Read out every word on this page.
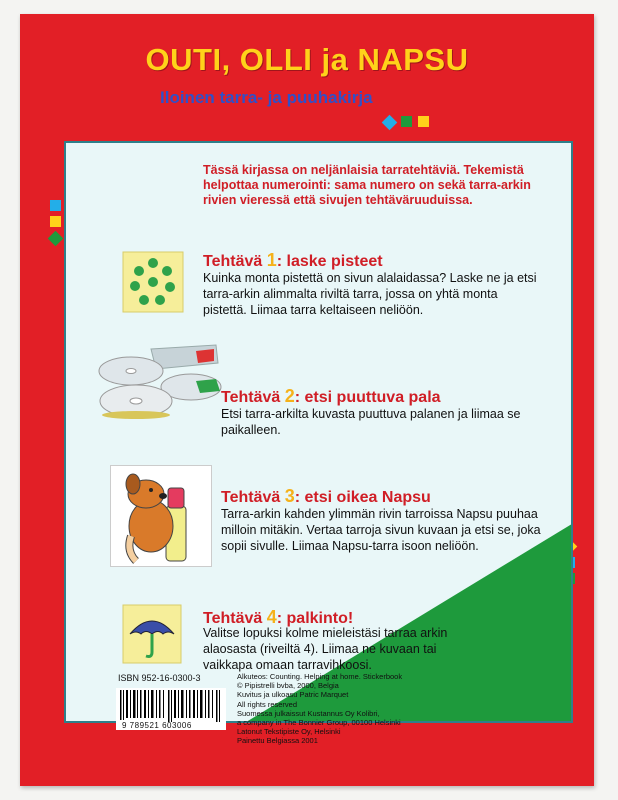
OUTI, OLLI ja NAPSU
Iloinen tarra- ja puuhakirja
Tässä kirjassa on neljänlaisia tarratehtäviä. Tekemistä helpottaa numerointi: sama numero on sekä tarra-arkin rivien vieressä että sivujen tehtäväruuduissa.
Tehtävä 1: laske pisteet
Kuinka monta pistettä on sivun alalaidassa? Laske ne ja etsi tarra-arkin alimmalta riviltä tarra, jossa on yhtä monta pistettä. Liimaa tarra keltaiseen neliöön.
Tehtävä 2: etsi puuttuva pala
Etsi tarra-arkilta kuvasta puuttuva palanen ja liimaa se paikalleen.
Tehtävä 3: etsi oikea Napsu
Tarra-arkin kahden ylimmän rivin tarroissa Napsu puuhaa milloin mitäkin. Vertaa tarroja sivun kuvaan ja etsi se, joka sopii sivulle. Liimaa Napsu-tarra isoon neliöön.
Tehtävä 4: palkinto!
Valitse lopuksi kolme mieleistäsi tarraa arkin alaosasta (riveiltä 4). Liimaa ne kuvaan tai vaikkapa omaan tarravihkoosi.
ISBN 952-16-0300-3
9 789521 603006
Alkuteos: Counting. Helping at home. Stickerbook
© Pipistrelli bvba, 2000, Belgia
Kuvitus ja ulkoasu Patric Marquet
All rights reserved
Suomessa julkaissut Kustannus Oy Kolibri,
a company in The Bonnier Group, 00100 Helsinki
Latonut Tekstipiste Oy, Helsinki
Painettu Belgiassa 2001
